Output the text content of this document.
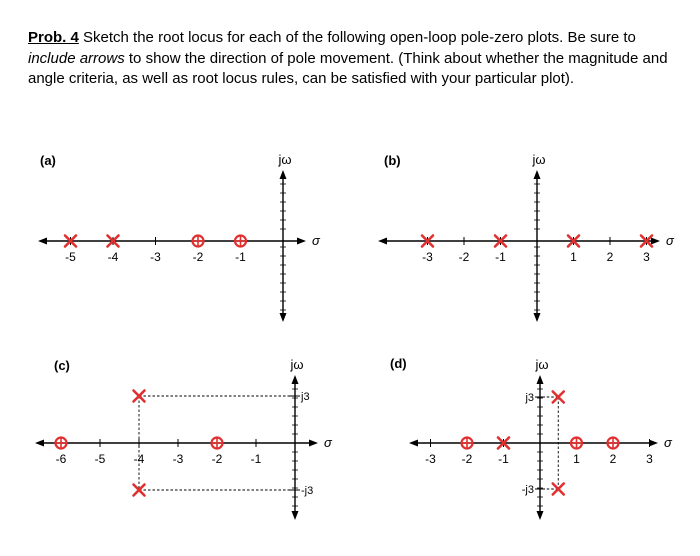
Prob. 4 Sketch the root locus for each of the following open-loop pole-zero plots. Be sure to include arrows to show the direction of pole movement. (Think about whether the magnitude and angle criteria, as well as root locus rules, can be satisfied with your particular plot).
(a)	(b)
(c)	(d)
jω
σ
-5	-4	-3	-2	-1
jω
σ
-3 -2 -1	1 2 3
jω
σ
-6 -5 -4 -3 -2 -1
j3
-j3
jω
σ
-3 -2 -1	1 2 3
j3
-j3
